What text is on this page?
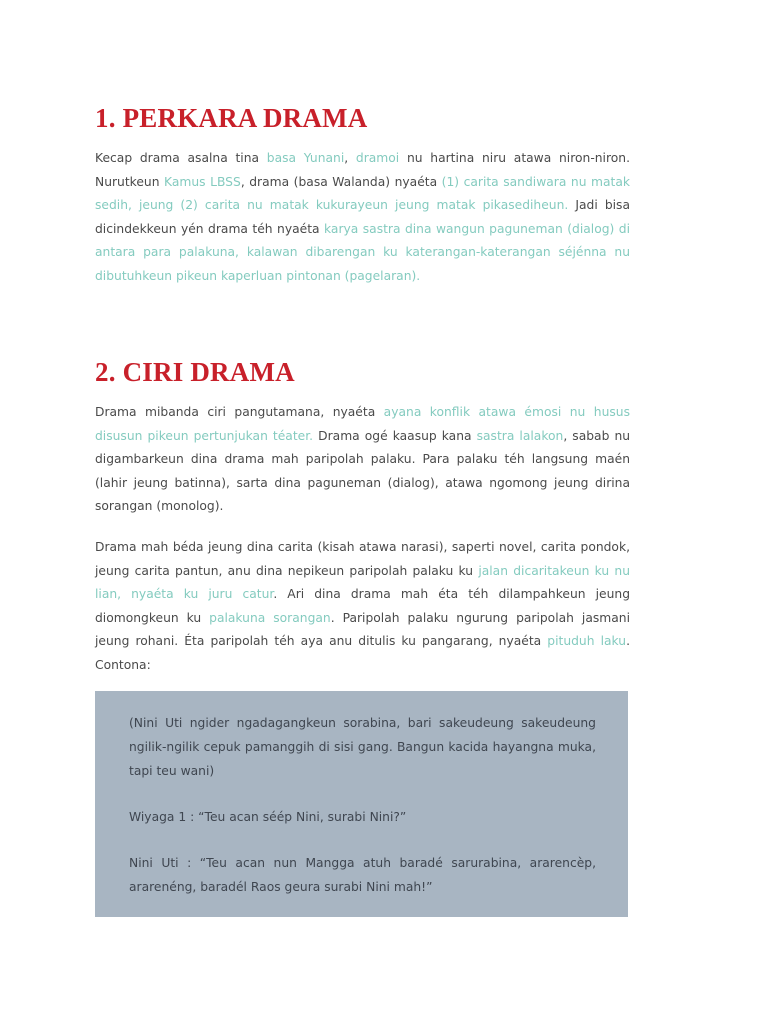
1. PERKARA DRAMA

Kecap drama asalna tina basa Yunani, dramoi nu hartina niru atawa niron-niron. Nurutkeun Kamus LBSS, drama (basa Walanda) nyaéta (1) carita sandiwara nu matak sedih, jeung (2) carita nu matak kukurayeun jeung matak pikasediheun. Jadi bisa dicindekkeun yén drama téh nyaéta karya sastra dina wangun paguneman (dialog) di antara para palakuna, kalawan dibarengan ku katerangan-katerangan séjénna nu dibutuhkeun pikeun kaperluan pintonan (pagelaran).

2. CIRI DRAMA

Drama mibanda ciri pangutamana, nyaéta ayana konflik atawa émosi nu husus disusun pikeun pertunjukan téater. Drama ogé kaasup kana sastra lalakon, sabab nu digambarkeun dina drama mah paripolah palaku. Para palaku téh langsung maén (lahir jeung batinna), sarta dina paguneman (dialog), atawa ngomong jeung dirina sorangan (monolog).

Drama mah béda jeung dina carita (kisah atawa narasi), saperti novel, carita pondok, jeung carita pantun, anu dina nepikeun paripolah palaku ku jalan dicaritakeun ku nu lian, nyaéta ku juru catur. Ari dina drama mah éta téh dilampahkeun jeung diomongkeun ku palakuna sorangan. Paripolah palaku ngurung paripolah jasmani jeung rohani. Éta paripolah téh aya anu ditulis ku pangarang, nyaéta pituduh laku. Contona:

(Nini Uti ngider ngadagangkeun sorabina, bari sakeudeung sakeudeung ngilik-ngilik cepuk pamanggih di sisi gang. Bangun kacida hayangna muka, tapi teu wani)

Wiyaga 1 : “Teu acan séép Nini, surabi Nini?”

Nini Uti : “Teu acan nun Mangga atuh baradé sarurabina, ararencèp, ararenéng, baradél Raos geura surabi Nini mah!”
